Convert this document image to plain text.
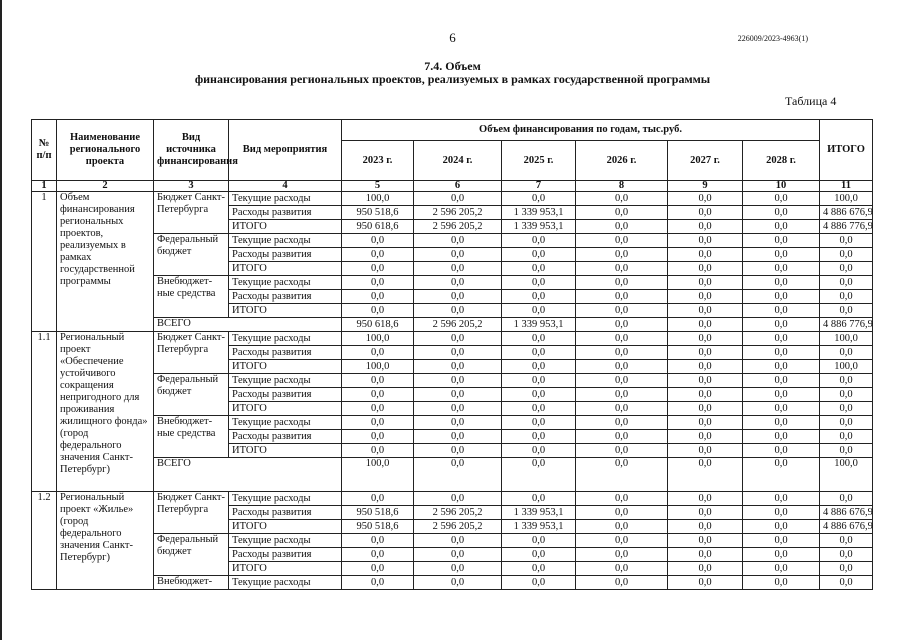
6	226009/2023-4963(1)
7.4. Объем
финансирования региональных проектов, реализуемых в рамках государственной программы
Таблица 4
№ п/п	Наименование регионального проекта	Вид источника финансирования	Вид мероприятия	Объем финансирования по годам, тыс.руб.						ИТОГО
				2023 г.	2024 г.	2025 г.	2026 г.	2027 г.	2028 г.	
1	2	3	4	5	6	7	8	9	10	11
1	Объем финансирования региональных проектов, реализуемых в рамках государственной программы	Бюджет Санкт-Петербурга	Текущие расходы	100,0	0,0	0,0	0,0	0,0	0,0	100,0
			Расходы развития	950 518,6	2 596 205,2	1 339 953,1	0,0	0,0	0,0	4 886 676,9
			ИТОГО	950 618,6	2 596 205,2	1 339 953,1	0,0	0,0	0,0	4 886 776,9
		Федеральный бюджет	Текущие расходы	0,0	0,0	0,0	0,0	0,0	0,0	0,0
			Расходы развития	0,0	0,0	0,0	0,0	0,0	0,0	0,0
			ИТОГО	0,0	0,0	0,0	0,0	0,0	0,0	0,0
		Внебюджет-ные средства	Текущие расходы	0,0	0,0	0,0	0,0	0,0	0,0	0,0
			Расходы развития	0,0	0,0	0,0	0,0	0,0	0,0	0,0
			ИТОГО	0,0	0,0	0,0	0,0	0,0	0,0	0,0
		ВСЕГО		950 618,6	2 596 205,2	1 339 953,1	0,0	0,0	0,0	4 886 776,9
1.1	Региональный проект «Обеспечение устойчивого сокращения непригодного для проживания жилищного фонда» (город федерального значения Санкт-Петербург)	Бюджет Санкт-Петербурга	Текущие расходы	100,0	0,0	0,0	0,0	0,0	0,0	100,0
			Расходы развития	0,0	0,0	0,0	0,0	0,0	0,0	0,0
			ИТОГО	100,0	0,0	0,0	0,0	0,0	0,0	100,0
		Федеральный бюджет	Текущие расходы	0,0	0,0	0,0	0,0	0,0	0,0	0,0
			Расходы развития	0,0	0,0	0,0	0,0	0,0	0,0	0,0
			ИТОГО	0,0	0,0	0,0	0,0	0,0	0,0	0,0
		Внебюджет-ные средства	Текущие расходы	0,0	0,0	0,0	0,0	0,0	0,0	0,0
			Расходы развития	0,0	0,0	0,0	0,0	0,0	0,0	0,0
			ИТОГО	0,0	0,0	0,0	0,0	0,0	0,0	0,0
		ВСЕГО		100,0	0,0	0,0	0,0	0,0	0,0	100,0
1.2	Региональный проект «Жилье» (город федерального значения Санкт-Петербург)	Бюджет Санкт-Петербурга	Текущие расходы	0,0	0,0	0,0	0,0	0,0	0,0	0,0
			Расходы развития	950 518,6	2 596 205,2	1 339 953,1	0,0	0,0	0,0	4 886 676,9
			ИТОГО	950 518,6	2 596 205,2	1 339 953,1	0,0	0,0	0,0	4 886 676,9
		Федеральный бюджет	Текущие расходы	0,0	0,0	0,0	0,0	0,0	0,0	0,0
			Расходы развития	0,0	0,0	0,0	0,0	0,0	0,0	0,0
			ИТОГО	0,0	0,0	0,0	0,0	0,0	0,0	0,0
		Внебюджет-	Текущие расходы	0,0	0,0	0,0	0,0	0,0	0,0	0,0
